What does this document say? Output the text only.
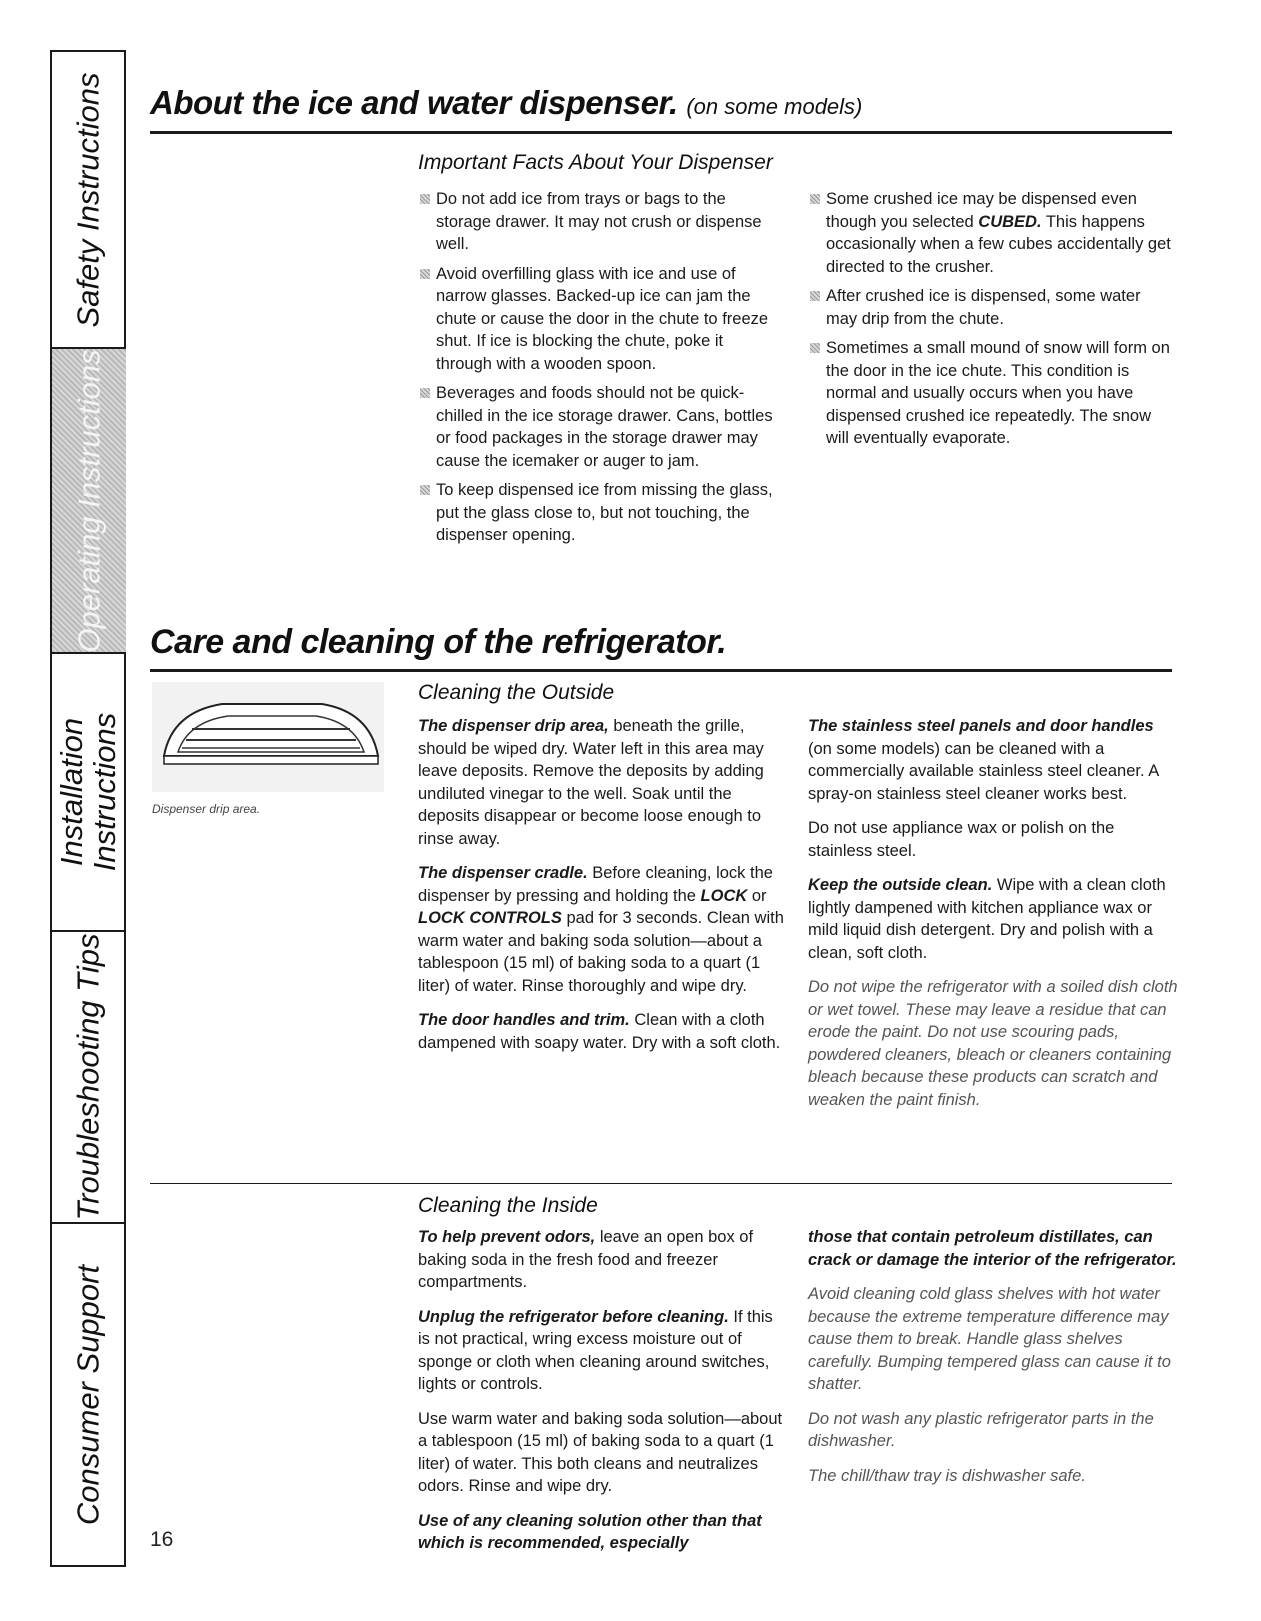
Safety Instructions
Operating Instructions
Installation Instructions
Troubleshooting Tips
Consumer Support
About the ice and water dispenser. (on some models)
Important Facts About Your Dispenser

Do not add ice from trays or bags to the storage drawer. It may not crush or dispense well.

Avoid overfilling glass with ice and use of narrow glasses. Backed-up ice can jam the chute or cause the door in the chute to freeze shut. If ice is blocking the chute, poke it through with a wooden spoon.

Beverages and foods should not be quick-chilled in the ice storage drawer. Cans, bottles or food packages in the storage drawer may cause the icemaker or auger to jam.

To keep dispensed ice from missing the glass, put the glass close to, but not touching, the dispenser opening.

Some crushed ice may be dispensed even though you selected CUBED. This happens occasionally when a few cubes accidentally get directed to the crusher.

After crushed ice is dispensed, some water may drip from the chute.

Sometimes a small mound of snow will form on the door in the ice chute. This condition is normal and usually occurs when you have dispensed crushed ice repeatedly. The snow will eventually evaporate.

Care and cleaning of the refrigerator.
Dispenser drip area.
Cleaning the Outside

The dispenser drip area, beneath the grille, should be wiped dry. Water left in this area may leave deposits. Remove the deposits by adding undiluted vinegar to the well. Soak until the deposits disappear or become loose enough to rinse away.

The dispenser cradle. Before cleaning, lock the dispenser by pressing and holding the LOCK or LOCK CONTROLS pad for 3 seconds. Clean with warm water and baking soda solution—about a tablespoon (15 ml) of baking soda to a quart (1 liter) of water. Rinse thoroughly and wipe dry.

The door handles and trim. Clean with a cloth dampened with soapy water. Dry with a soft cloth.

The stainless steel panels and door handles (on some models) can be cleaned with a commercially available stainless steel cleaner. A spray-on stainless steel cleaner works best.

Do not use appliance wax or polish on the stainless steel.

Keep the outside clean. Wipe with a clean cloth lightly dampened with kitchen appliance wax or mild liquid dish detergent. Dry and polish with a clean, soft cloth.

Do not wipe the refrigerator with a soiled dish cloth or wet towel. These may leave a residue that can erode the paint. Do not use scouring pads, powdered cleaners, bleach or cleaners containing bleach because these products can scratch and weaken the paint finish.

Cleaning the Inside

To help prevent odors, leave an open box of baking soda in the fresh food and freezer compartments.

Unplug the refrigerator before cleaning. If this is not practical, wring excess moisture out of sponge or cloth when cleaning around switches, lights or controls.

Use warm water and baking soda solution—about a tablespoon (15 ml) of baking soda to a quart (1 liter) of water. This both cleans and neutralizes odors. Rinse and wipe dry.

Use of any cleaning solution other than that which is recommended, especially

those that contain petroleum distillates, can crack or damage the interior of the refrigerator.

Avoid cleaning cold glass shelves with hot water because the extreme temperature difference may cause them to break. Handle glass shelves carefully. Bumping tempered glass can cause it to shatter.

Do not wash any plastic refrigerator parts in the dishwasher.

The chill/thaw tray is dishwasher safe.

16
